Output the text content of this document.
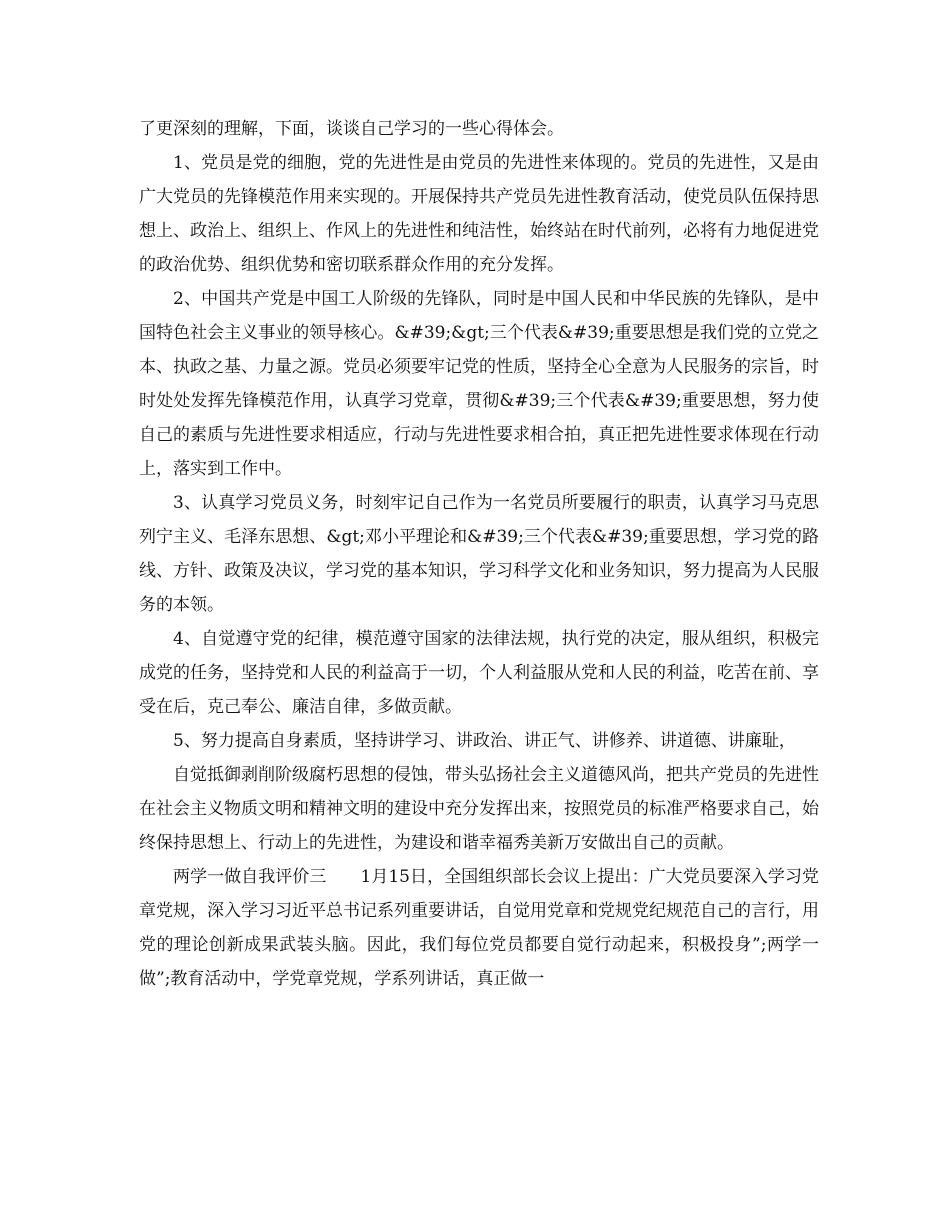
了更深刻的理解，下面，谈谈自己学习的一些心得体会。

1、党员是党的细胞，党的先进性是由党员的先进性来体现的。党员的先进性，又是由广大党员的先锋模范作用来实现的。开展保持共产党员先进性教育活动，使党员队伍保持思想上、政治上、组织上、作风上的先进性和纯洁性，始终站在时代前列，必将有力地促进党的政治优势、组织优势和密切联系群众作用的充分发挥。

2、中国共产党是中国工人阶级的先锋队，同时是中国人民和中华民族的先锋队，是中国特色社会主义事业的领导核心。&#39;&gt;三个代表&#39;重要思想是我们党的立党之本、执政之基、力量之源。党员必须要牢记党的性质，坚持全心全意为人民服务的宗旨，时时处处发挥先锋模范作用，认真学习党章，贯彻&#39;三个代表&#39;重要思想，努力使自己的素质与先进性要求相适应，行动与先进性要求相合拍，真正把先进性要求体现在行动上，落实到工作中。

3、认真学习党员义务，时刻牢记自己作为一名党员所要履行的职责，认真学习马克思列宁主义、毛泽东思想、&gt;邓小平理论和&#39;三个代表&#39;重要思想，学习党的路线、方针、政策及决议，学习党的基本知识，学习科学文化和业务知识，努力提高为人民服务的本领。

4、自觉遵守党的纪律，模范遵守国家的法律法规，执行党的决定，服从组织，积极完成党的任务，坚持党和人民的利益高于一切，个人利益服从党和人民的利益，吃苦在前、享受在后，克己奉公、廉洁自律，多做贡献。

5、努力提高自身素质，坚持讲学习、讲政治、讲正气、讲修养、讲道德、讲廉耻，

自觉抵御剥削阶级腐朽思想的侵蚀，带头弘扬社会主义道德风尚，把共产党员的先进性在社会主义物质文明和精神文明的建设中充分发挥出来，按照党员的标准严格要求自己，始终保持思想上、行动上的先进性，为建设和谐幸福秀美新万安做出自己的贡献。

两学一做自我评价三　　1月15日，全国组织部长会议上提出：广大党员要深入学习党章党规，深入学习习近平总书记系列重要讲话，自觉用党章和党规党纪规范自己的言行，用党的理论创新成果武装头脑。因此，我们每位党员都要自觉行动起来，积极投身”;两学一做”;教育活动中，学党章党规，学系列讲话，真正做一
